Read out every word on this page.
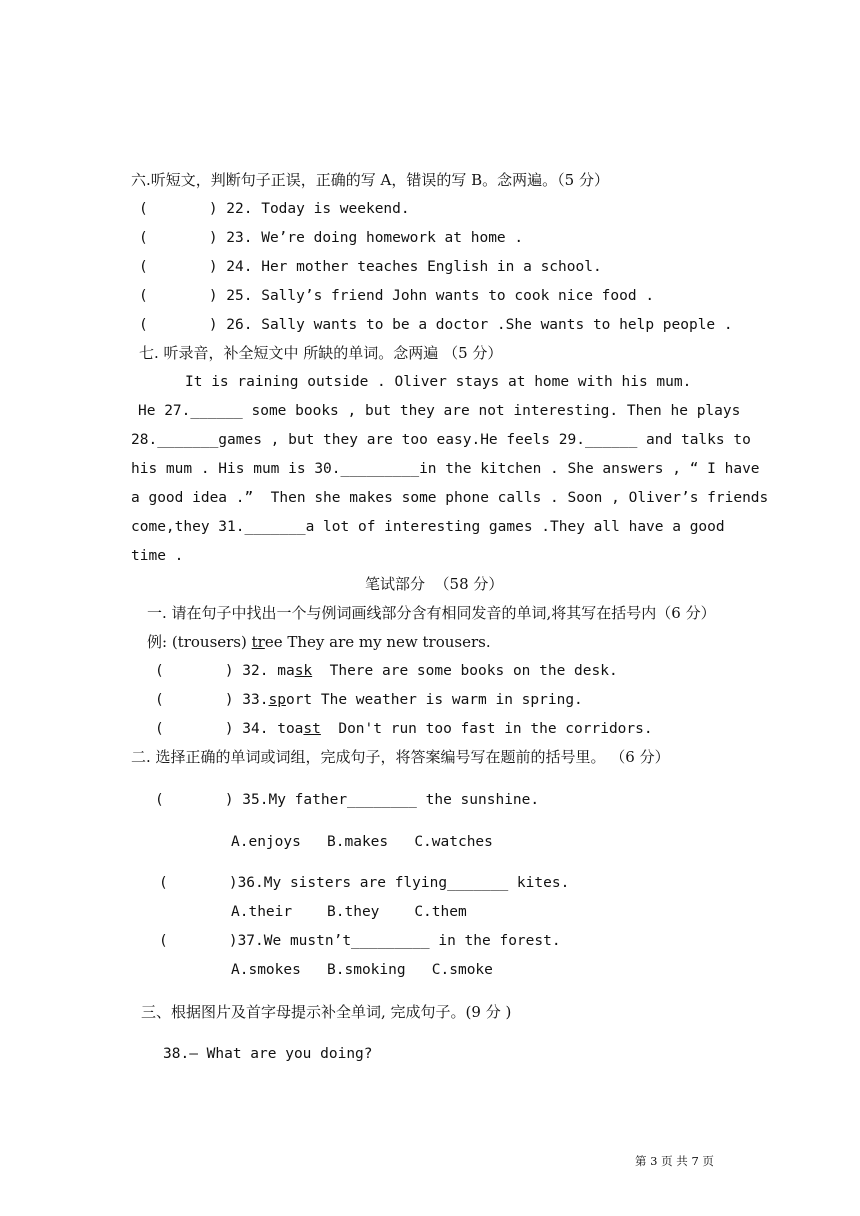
六.听短文，判断句子正误，正确的写 A，错误的写 B。念两遍。（5 分）
(       ) 22. Today is weekend.
(       ) 23. We’re doing homework at home .
(       ) 24. Her mother teaches English in a school.
(       ) 25. Sally’s friend John wants to cook nice food .
(       ) 26. Sally wants to be a doctor .She wants to help people .
七. 听录音，补全短文中 所缺的单词。念两遍 （5 分）
It is raining outside . Oliver stays at home with his mum.
He 27.______ some books , but they are not interesting. Then he plays
28._______games , but they are too easy.He feels 29.______ and talks to
his mum . His mum is 30._________in the kitchen . She answers , “ I have
a good idea .”  Then she makes some phone calls . Soon , Oliver’s friends
come,they 31._______a lot of interesting games .They all have a good
time .
笔试部分  （58 分）
一. 请在句子中找出一个与例词画线部分含有相同发音的单词,将其写在括号内（6 分）
例: (trousers) tree They are my new trousers.
(       ) 32. mask  There are some books on the desk.
(       ) 33.sport The weather is warm in spring.
(       ) 34. toast  Don't run too fast in the corridors.
二. 选择正确的单词或词组，完成句子，将答案编号写在题前的括号里。 （6 分）
(       ) 35.My father________ the sunshine.
A.enjoys   B.makes   C.watches
(       )36.My sisters are flying_______ kites.
A.their    B.they    C.them
(       )37.We mustn’t_________ in the forest.
A.smokes   B.smoking   C.smoke
三、根据图片及首字母提示补全单词, 完成句子。(9 分 )
38.— What are you doing?
第 3 页 共 7 页
